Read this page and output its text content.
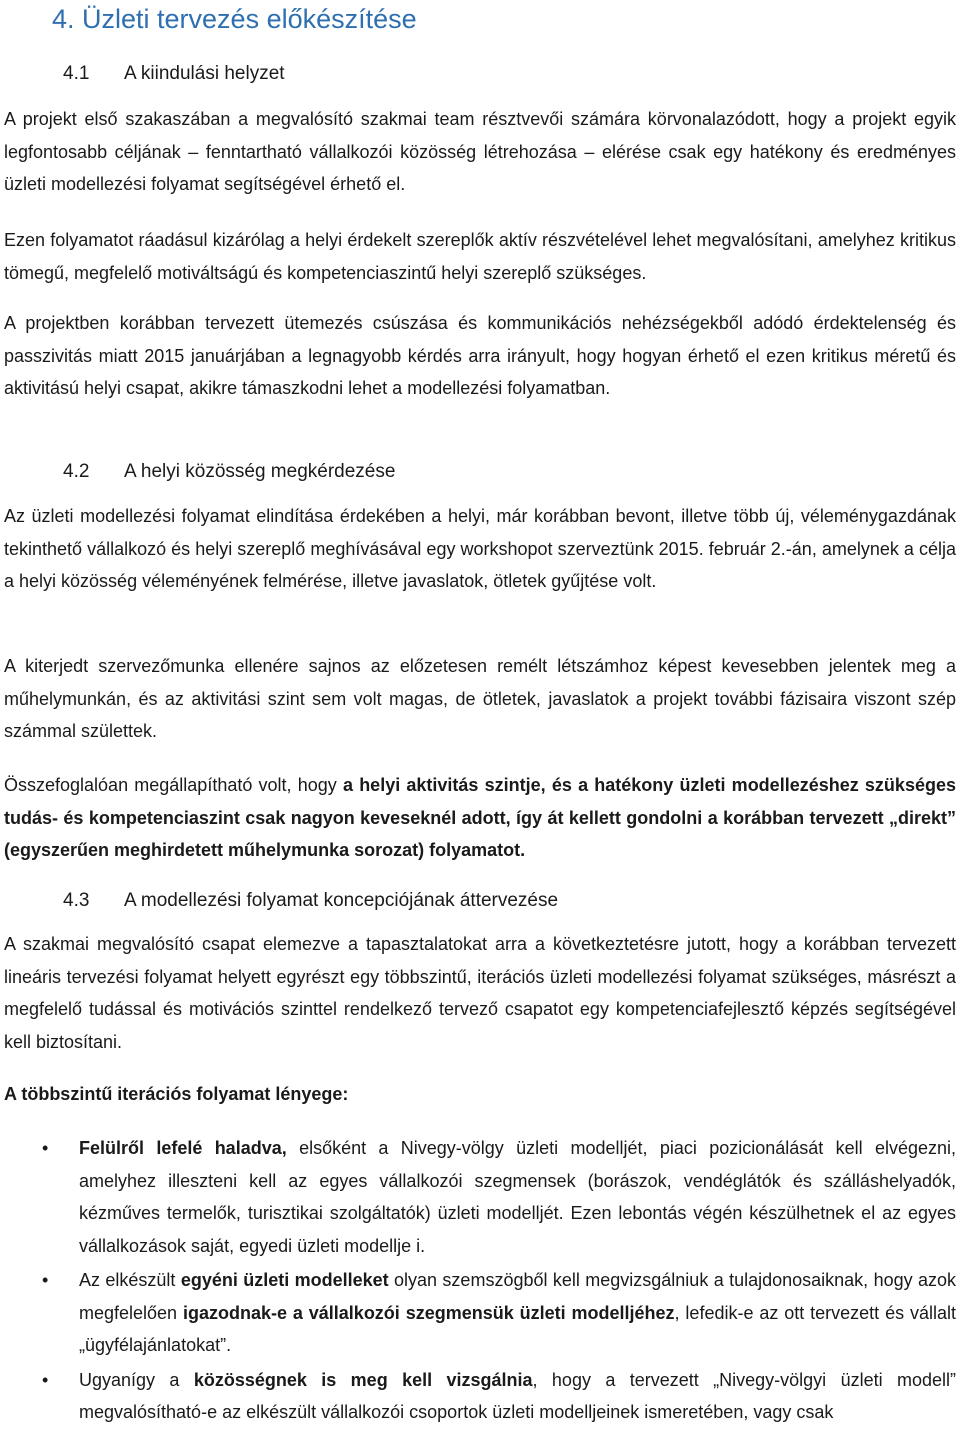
4. Üzleti tervezés előkészítése
4.1 A kiindulási helyzet

A projekt első szakaszában a megvalósító szakmai team résztvevői számára körvonalazódott, hogy a projekt egyik legfontosabb céljának – fenntartható vállalkozói közösség létrehozása – elérése csak egy hatékony és eredményes üzleti modellezési folyamat segítségével érhető el.

Ezen folyamatot ráadásul kizárólag a helyi érdekelt szereplők aktív részvételével lehet megvalósítani, amelyhez kritikus tömegű, megfelelő motiváltságú és kompetenciaszintű helyi szereplő szükséges.

A projektben korábban tervezett ütemezés csúszása és kommunikációs nehézségekből adódó érdektelenség és passzivitás miatt 2015 januárjában a legnagyobb kérdés arra irányult, hogy hogyan érhető el ezen kritikus méretű és aktivitású helyi csapat, akikre támaszkodni lehet a modellezési folyamatban.

4.2 A helyi közösség megkérdezése

Az üzleti modellezési folyamat elindítása érdekében a helyi, már korábban bevont, illetve több új, véleménygazdának tekinthető vállalkozó és helyi szereplő meghívásával egy workshopot szerveztünk 2015. február 2.-án, amelynek a célja a helyi közösség véleményének felmérése, illetve javaslatok, ötletek gyűjtése volt.

A kiterjedt szervezőmunka ellenére sajnos az előzetesen remélt létszámhoz képest kevesebben jelentek meg a műhelymunkán, és az aktivitási szint sem volt magas, de ötletek, javaslatok a projekt további fázisaira viszont szép számmal születtek.

Összefoglalóan megállapítható volt, hogy a helyi aktivitás szintje, és a hatékony üzleti modellezéshez szükséges tudás- és kompetenciaszint csak nagyon keveseknél adott, így át kellett gondolni a korábban tervezett „direkt” (egyszerűen meghirdetett műhelymunka sorozat) folyamatot.

4.3 A modellezési folyamat koncepciójának áttervezése

A szakmai megvalósító csapat elemezve a tapasztalatokat arra a következtetésre jutott, hogy a korábban tervezett lineáris tervezési folyamat helyett egyrészt egy többszintű, iterációs üzleti modellezési folyamat szükséges, másrészt a megfelelő tudással és motivációs szinttel rendelkező tervező csapatot egy kompetenciafejlesztő képzés segítségével kell biztosítani.

A többszintű iterációs folyamat lényege:

• Felülről lefelé haladva, elsőként a Nivegy-völgy üzleti modelljét, piaci pozicionálását kell elvégezni, amelyhez illeszteni kell az egyes vállalkozói szegmensek (borászok, vendéglátók és szálláshelyadók, kézműves termelők, turisztikai szolgáltatók) üzleti modelljét. Ezen lebontás végén készülhetnek el az egyes vállalkozások saját, egyedi üzleti modellje i.
• Az elkészült egyéni üzleti modelleket olyan szemszögből kell megvizsgálniuk a tulajdonosaiknak, hogy azok megfelelően igazodnak-e a vállalkozói szegmensük üzleti modelljéhez, lefedik-e az ott tervezett és vállalt „ügyfélajánlatokat”.
• Ugyanígy a közösségnek is meg kell vizsgálnia, hogy a tervezett „Nivegy-völgyi üzleti modell” megvalósítható-e az elkészült vállalkozói csoportok üzleti modelljeinek ismeretében, vagy csak
